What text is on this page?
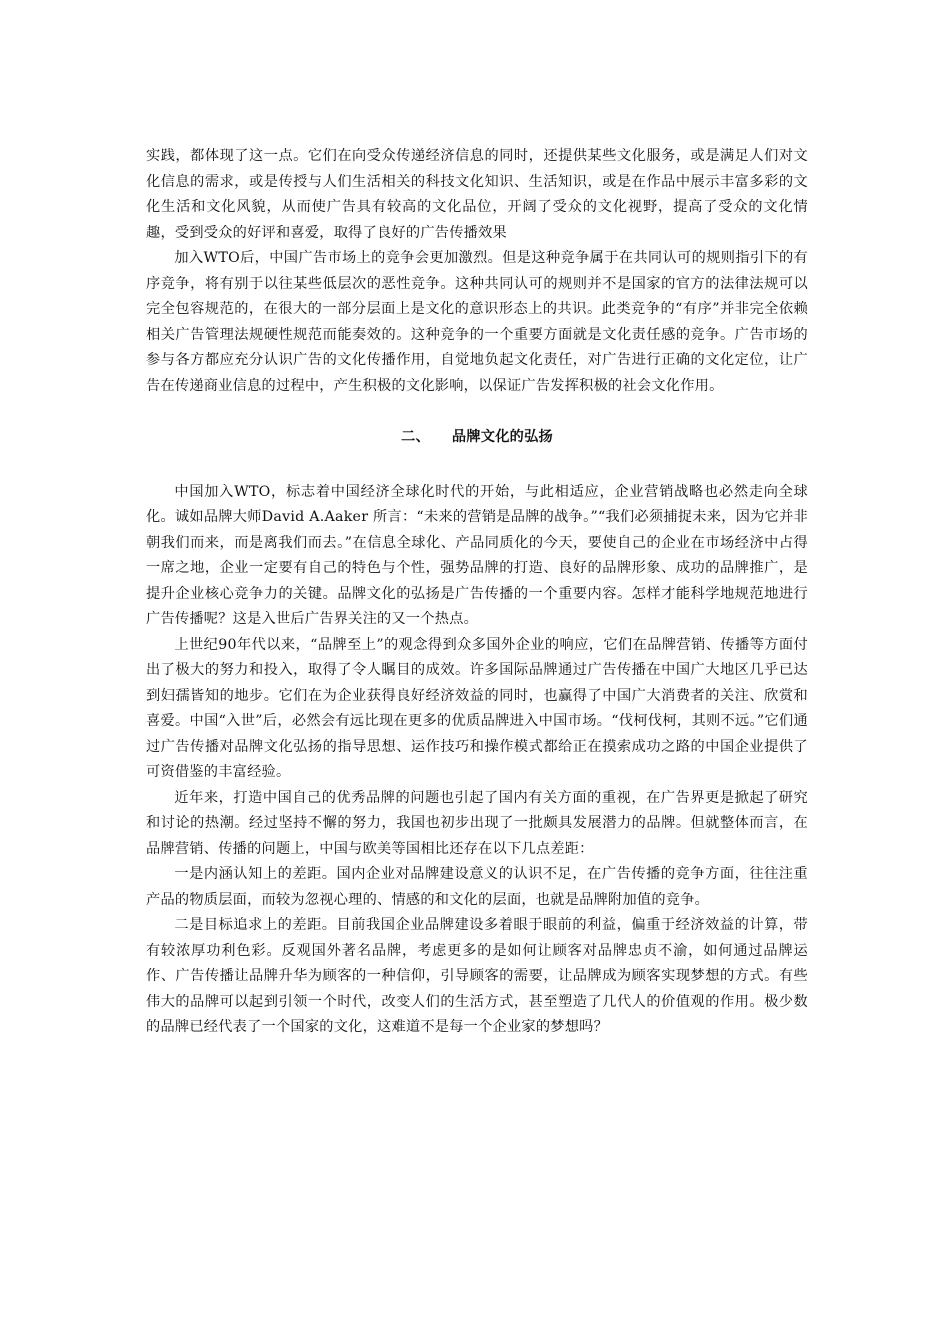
实践，都体现了这一点。它们在向受众传递经济信息的同时，还提供某些文化服务，或是满足人们对文化信息的需求，或是传授与人们生活相关的科技文化知识、生活知识，或是在作品中展示丰富多彩的文化生活和文化风貌，从而使广告具有较高的文化品位，开阔了受众的文化视野，提高了受众的文化情趣，受到受众的好评和喜爱，取得了良好的广告传播效果

加入WTO后，中国广告市场上的竞争会更加激烈。但是这种竞争属于在共同认可的规则指引下的有序竞争，将有别于以往某些低层次的恶性竞争。这种共同认可的规则并不是国家的官方的法律法规可以完全包容规范的，在很大的一部分层面上是文化的意识形态上的共识。此类竞争的“有序”并非完全依赖相关广告管理法规硬性规范而能奏效的。这种竞争的一个重要方面就是文化责任感的竞争。广告市场的参与各方都应充分认识广告的文化传播作用，自觉地负起文化责任，对广告进行正确的文化定位，让广告在传递商业信息的过程中，产生积极的文化影响，以保证广告发挥积极的社会文化作用。

二、 品牌文化的弘扬

中国加入WTO，标志着中国经济全球化时代的开始，与此相适应，企业营销战略也必然走向全球化。诚如品牌大师David A.Aaker 所言：“未来的营销是品牌的战争。”“我们必须捕捉未来，因为它并非朝我们而来，而是离我们而去。”在信息全球化、产品同质化的今天，要使自己的企业在市场经济中占得一席之地，企业一定要有自己的特色与个性，强势品牌的打造、良好的品牌形象、成功的品牌推广，是提升企业核心竞争力的关键。品牌文化的弘扬是广告传播的一个重要内容。怎样才能科学地规范地进行广告传播呢？这是入世后广告界关注的又一个热点。

上世纪90年代以来，“品牌至上”的观念得到众多国外企业的响应，它们在品牌营销、传播等方面付出了极大的努力和投入，取得了令人瞩目的成效。许多国际品牌通过广告传播在中国广大地区几乎已达到妇孺皆知的地步。它们在为企业获得良好经济效益的同时，也赢得了中国广大消费者的关注、欣赏和喜爱。中国“入世”后，必然会有远比现在更多的优质品牌进入中国市场。“伐柯伐柯，其则不远。”它们通过广告传播对品牌文化弘扬的指导思想、运作技巧和操作模式都给正在摸索成功之路的中国企业提供了可资借鉴的丰富经验。

近年来，打造中国自己的优秀品牌的问题也引起了国内有关方面的重视，在广告界更是掀起了研究和讨论的热潮。经过坚持不懈的努力，我国也初步出现了一批颇具发展潜力的品牌。但就整体而言，在品牌营销、传播的问题上，中国与欧美等国相比还存在以下几点差距：

一是内涵认知上的差距。国内企业对品牌建设意义的认识不足，在广告传播的竞争方面，往往注重产品的物质层面，而较为忽视心理的、情感的和文化的层面，也就是品牌附加值的竞争。

二是目标追求上的差距。目前我国企业品牌建设多着眼于眼前的利益，偏重于经济效益的计算，带有较浓厚功利色彩。反观国外著名品牌，考虑更多的是如何让顾客对品牌忠贞不渝，如何通过品牌运作、广告传播让品牌升华为顾客的一种信仰，引导顾客的需要，让品牌成为顾客实现梦想的方式。有些伟大的品牌可以起到引领一个时代，改变人们的生活方式，甚至塑造了几代人的价值观的作用。极少数的品牌已经代表了一个国家的文化，这难道不是每一个企业家的梦想吗？
